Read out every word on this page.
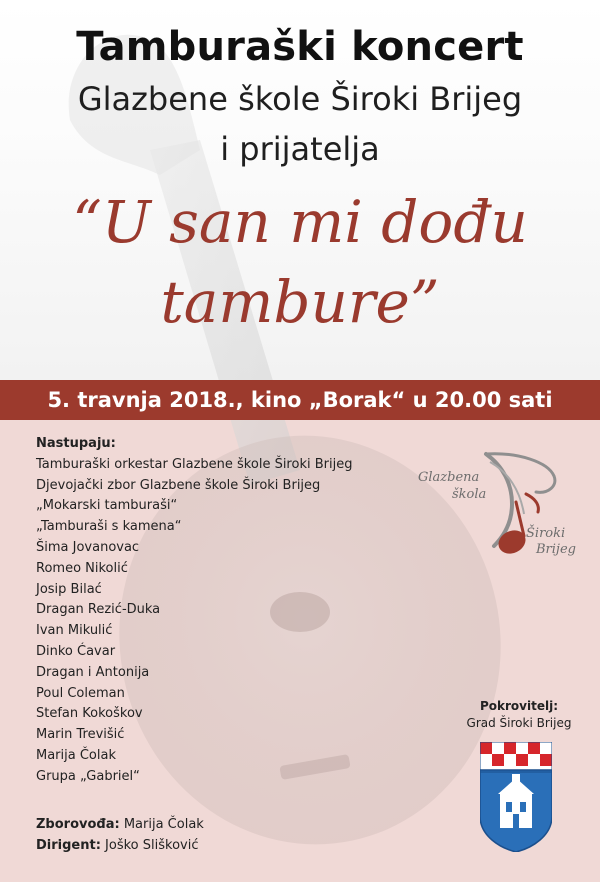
Tamburaški koncert
Glazbene škole Široki Brijeg
i prijatelja
“U san mi dođu
tambure”
5. travnja 2018., kino „Borak“ u 20.00 sati
Nastupaju:
Tamburaški orkestar Glazbene škole Široki Brijeg
Djevojački zbor Glazbene škole Široki Brijeg
„Mokarski tamburaši“
„Tamburaši s kamena“
Šima Jovanovac
Romeo Nikolić
Josip Bilać
Dragan Rezić-Duka
Ivan Mikulić
Dinko Ćavar
Dragan i Antonija
Poul Coleman
Stefan Kokoškov
Marin Trevišić
Marija Čolak
Grupa „Gabriel“
Zborovođa: Marija Čolak
Dirigent: Joško Slišković
Glazbena
škola
Široki
Brijeg
Pokrovitelj:
Grad Široki Brijeg
